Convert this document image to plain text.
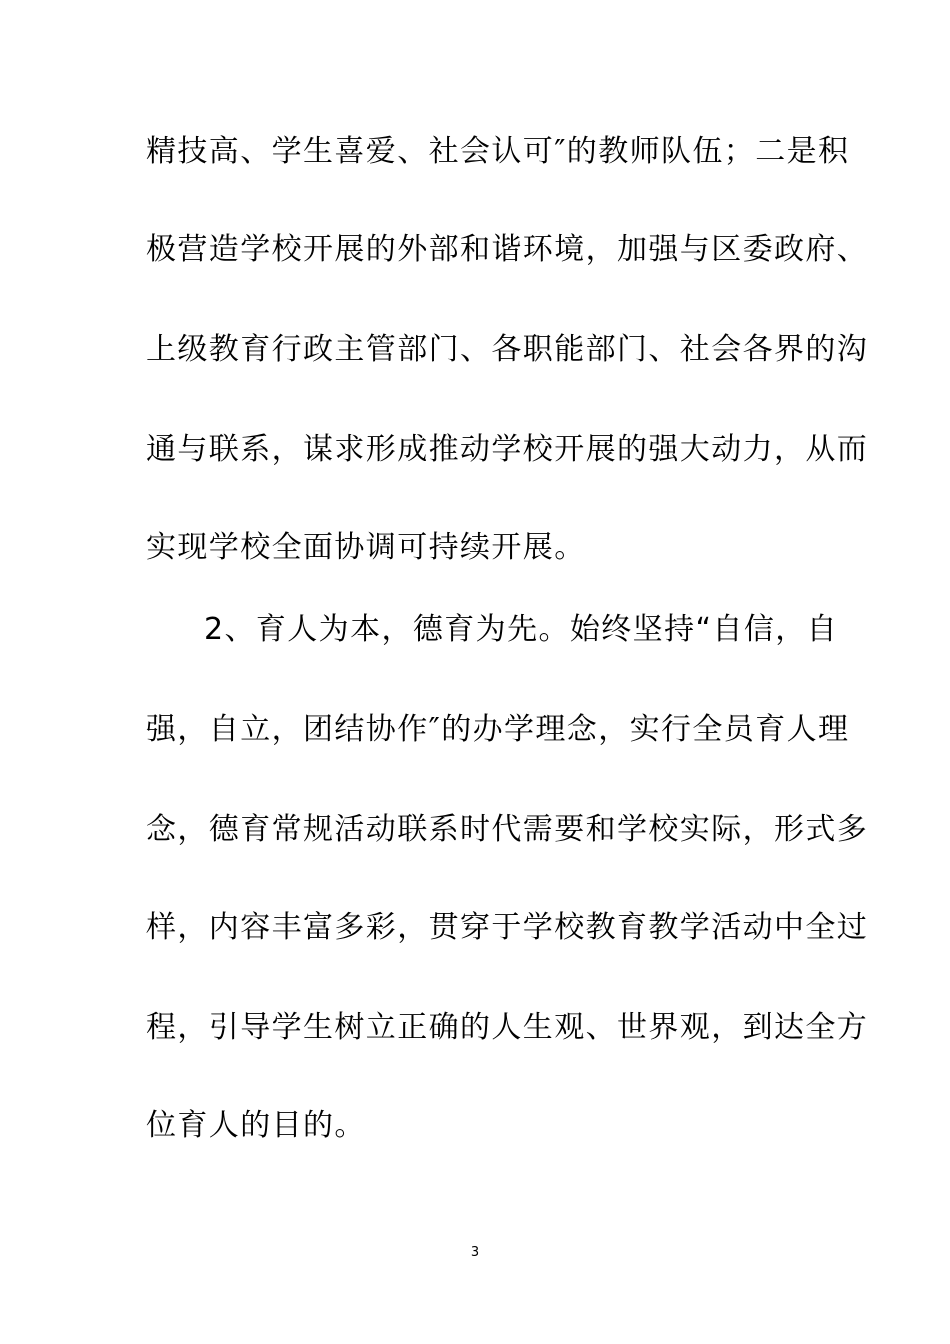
精技高、学生喜爱、社会认可″的教师队伍；二是积
极营造学校开展的外部和谐环境，加强与区委政府、
上级教育行政主管部门、各职能部门、社会各界的沟
通与联系，谋求形成推动学校开展的强大动力，从而
实现学校全面协调可持续开展。
2、育人为本，德育为先。始终坚持“自信，自
强，自立，团结协作″的办学理念，实行全员育人理
念，德育常规活动联系时代需要和学校实际，形式多
样，内容丰富多彩，贯穿于学校教育教学活动中全过
程，引导学生树立正确的人生观、世界观，到达全方
位育人的目的。
3
